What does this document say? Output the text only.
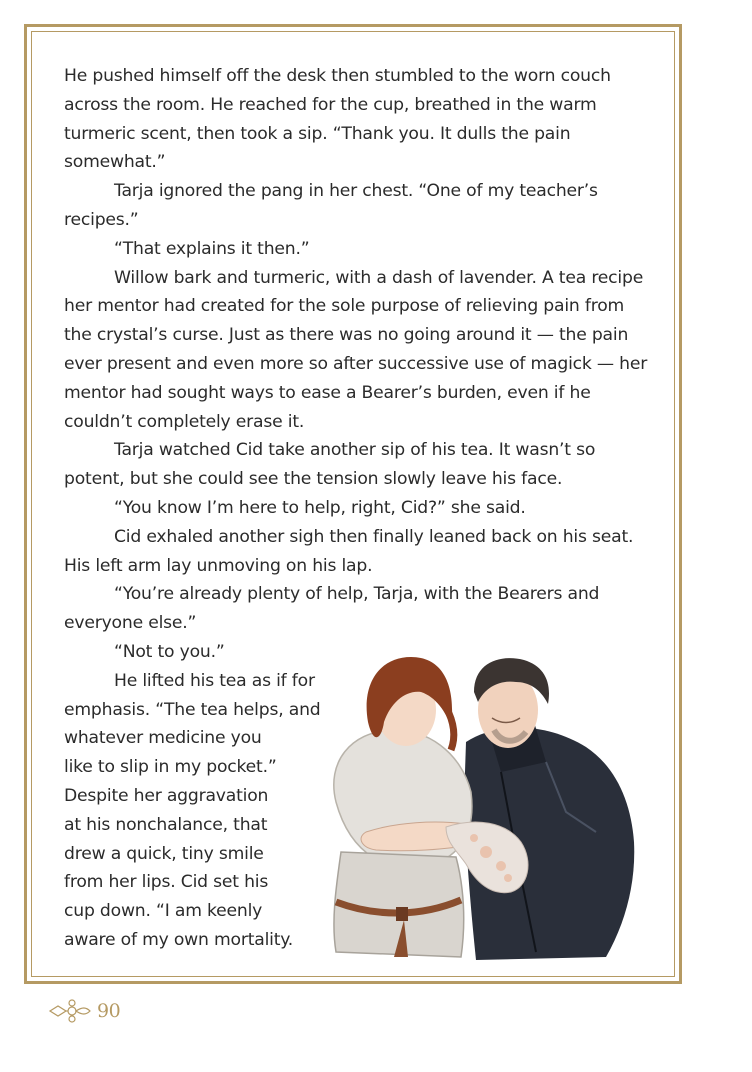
He pushed himself off the desk then stumbled to the worn couch across the room. He reached for the cup, breathed in the warm turmeric scent, then took a sip. “Thank you. It dulls the pain somewhat.”

Tarja ignored the pang in her chest. “One of my teacher’s recipes.”

“That explains it then.”

Willow bark and turmeric, with a dash of lavender. A tea recipe her mentor had created for the sole purpose of relieving pain from the crystal’s curse. Just as there was no going around it — the pain ever present and even more so after successive use of magick — her mentor had sought ways to ease a Bearer’s burden, even if he couldn’t completely erase it.

Tarja watched Cid take another sip of his tea. It wasn’t so potent, but she could see the tension slowly leave his face.

“You know I’m here to help, right, Cid?” she said.

Cid exhaled another sigh then finally leaned back on his seat. His left arm lay unmoving on his lap.

“You’re already plenty of help, Tarja, with the Bearers and everyone else.”

“Not to you.”

He lifted his tea as if for
emphasis. “The tea helps, and
whatever medicine you
like to slip in my pocket.”
Despite her aggravation
at his nonchalance, that
drew a quick, tiny smile
from her lips. Cid set his
cup down. “I am keenly
aware of my own mortality.
90
